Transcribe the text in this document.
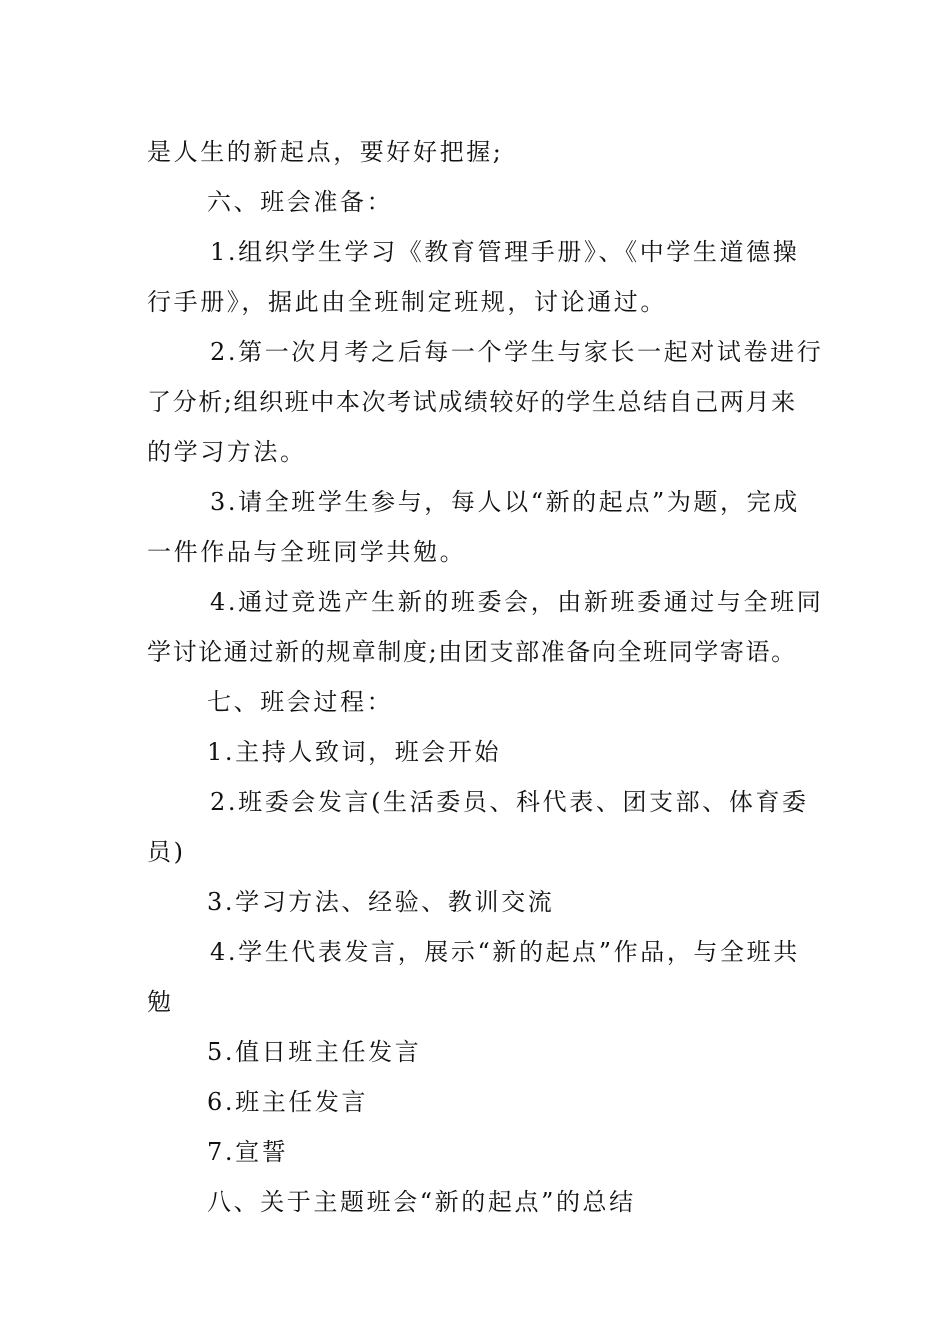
是人生的新起点，要好好把握;
六、班会准备：
1.组织学生学习《教育管理手册》、《中学生道德操
行手册》，据此由全班制定班规，讨论通过。
2.第一次月考之后每一个学生与家长一起对试卷进行
了分析;组织班中本次考试成绩较好的学生总结自己两月来
的学习方法。
3.请全班学生参与，每人以“新的起点”为题，完成
一件作品与全班同学共勉。
4.通过竞选产生新的班委会，由新班委通过与全班同
学讨论通过新的规章制度;由团支部准备向全班同学寄语。
七、班会过程：
1.主持人致词，班会开始
2.班委会发言(生活委员、科代表、团支部、体育委
员)
3.学习方法、经验、教训交流
4.学生代表发言，展示“新的起点”作品，与全班共
勉
5.值日班主任发言
6.班主任发言
7.宣誓
八、关于主题班会“新的起点”的总结
